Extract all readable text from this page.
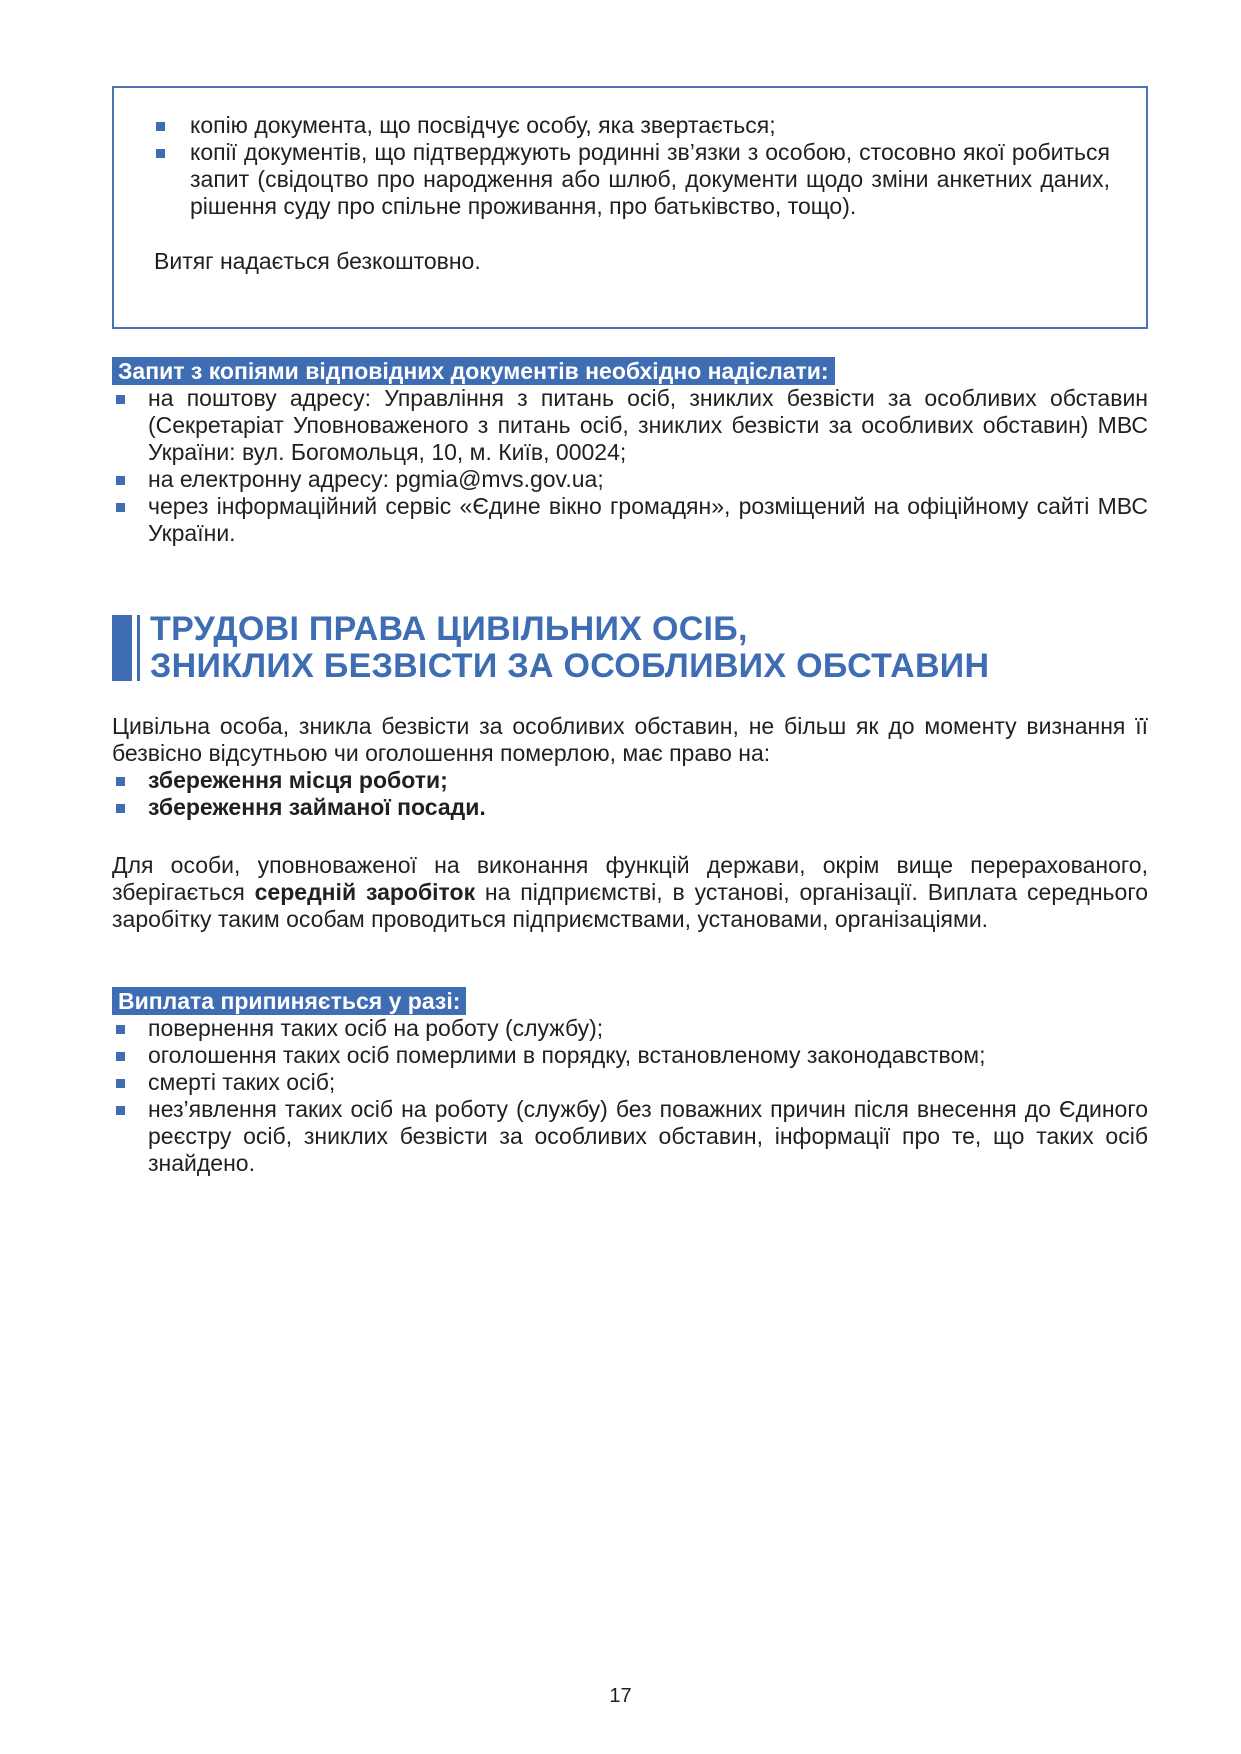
копію документа, що посвідчує особу, яка звертається;
копії документів, що підтверджують родинні зв’язки з особою, стосовно якої робиться запит (свідоцтво про народження або шлюб, документи щодо зміни анкетних даних, рішення суду про спільне проживання, про батьківство, тощо).
Витяг надається безкоштовно.
Запит з копіями відповідних документів необхідно надіслати:
на поштову адресу: Управління з питань осіб, зниклих безвісти за особливих обставин (Секретаріат Уповноваженого з питань осіб, зниклих безвісти за особливих обставин) МВС України: вул. Богомольця, 10, м. Київ, 00024;
на електронну адресу: pgmia@mvs.gov.ua;
через інформаційний сервіс «Єдине вікно громадян», розміщений на офіційному сайті МВС України.
ТРУДОВІ ПРАВА ЦИВІЛЬНИХ ОСІБ,
ЗНИКЛИХ БЕЗВІСТИ ЗА ОСОБЛИВИХ ОБСТАВИН

Цивільна особа, зникла безвісти за особливих обставин, не більш як до моменту визнання її безвісно відсутньою чи оголошення померлою, має право на:

збереження місця роботи;
збереження займаної посади.

Для особи, уповноваженої на виконання функцій держави, окрім вище перерахованого, зберігається середній заробіток на підприємстві, в установі, організації. Виплата середнього заробітку таким особам проводиться підприємствами, установами, організаціями.

Виплата припиняється у разі:
повернення таких осіб на роботу (службу);
оголошення таких осіб померлими в порядку, встановленому законодавством;
смерті таких осіб;
нез’явлення таких осіб на роботу (службу) без поважних причин після внесення до Єдиного реєстру осіб, зниклих безвісти за особливих обставин, інформації про те, що таких осіб знайдено.
17
